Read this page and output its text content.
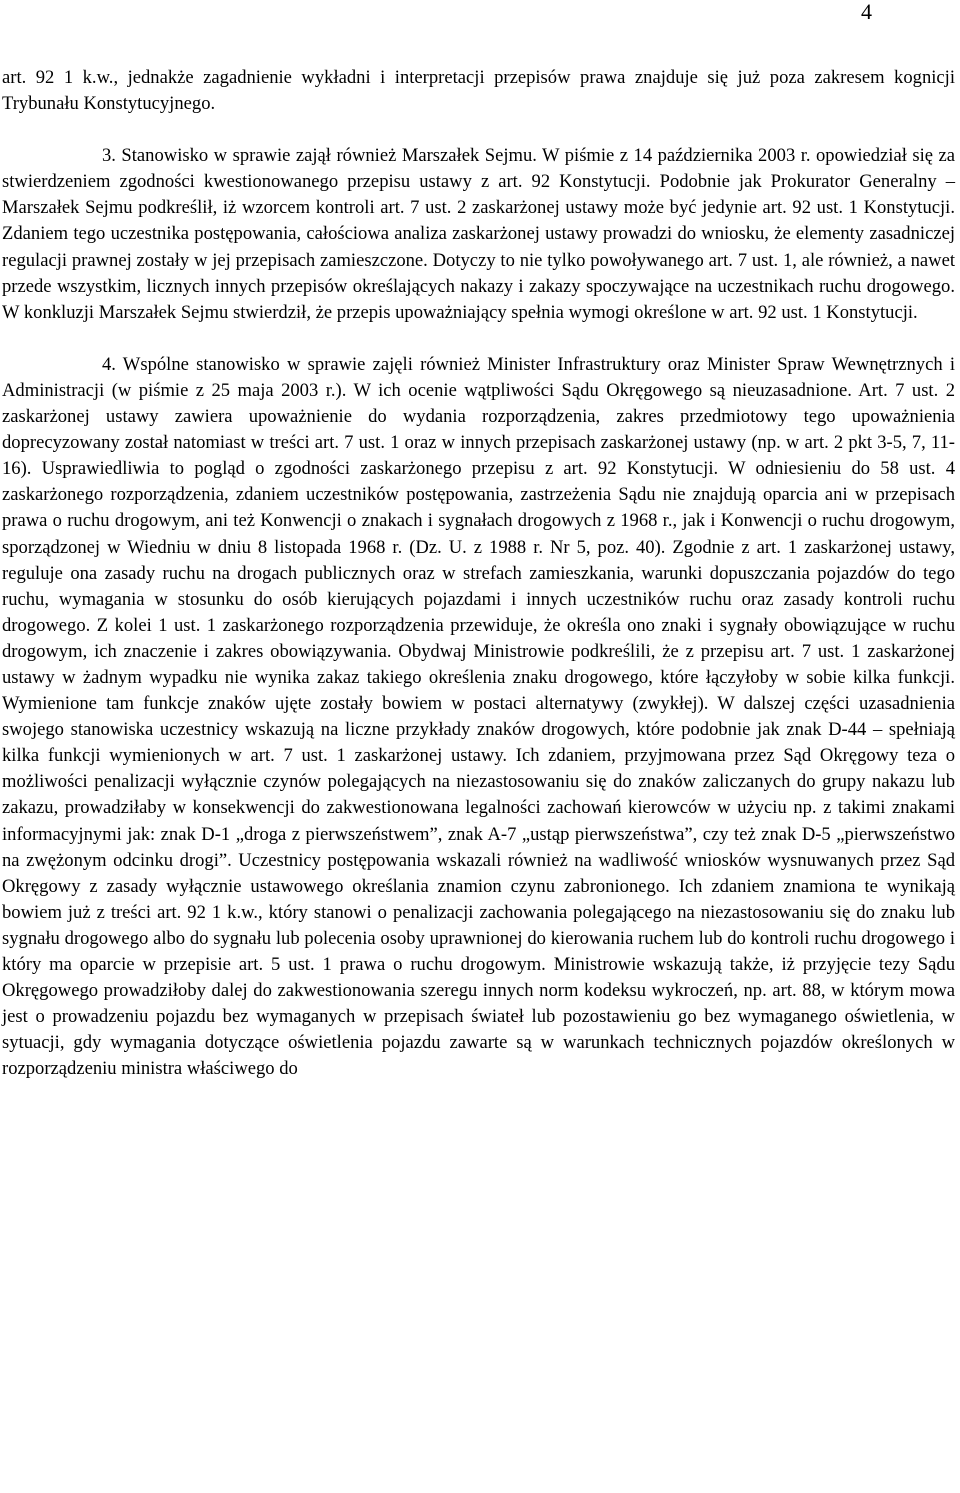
4

art. 92 1 k.w., jednakże zagadnienie wykładni i interpretacji przepisów prawa znajduje się już poza zakresem kognicji Trybunału Konstytucyjnego.

3. Stanowisko w sprawie zajął również Marszałek Sejmu. W piśmie z 14 października 2003 r. opowiedział się za stwierdzeniem zgodności kwestionowanego przepisu ustawy z art. 92 Konstytucji. Podobnie jak Prokurator Generalny – Marszałek Sejmu podkreślił, iż wzorcem kontroli art. 7 ust. 2 zaskarżonej ustawy może być jedynie art. 92 ust. 1 Konstytucji. Zdaniem tego uczestnika postępowania, całościowa analiza zaskarżonej ustawy prowadzi do wniosku, że elementy zasadniczej regulacji prawnej zostały w jej przepisach zamieszczone. Dotyczy to nie tylko powoływanego art. 7 ust. 1, ale również, a nawet przede wszystkim, licznych innych przepisów określających nakazy i zakazy spoczywające na uczestnikach ruchu drogowego. W konkluzji Marszałek Sejmu stwierdził, że przepis upoważniający spełnia wymogi określone w art. 92 ust. 1 Konstytucji.

4. Wspólne stanowisko w sprawie zajęli również Minister Infrastruktury oraz Minister Spraw Wewnętrznych i Administracji (w piśmie z 25 maja 2003 r.). W ich ocenie wątpliwości Sądu Okręgowego są nieuzasadnione. Art. 7 ust. 2 zaskarżonej ustawy zawiera upoważnienie do wydania rozporządzenia, zakres przedmiotowy tego upoważnienia doprecyzowany został natomiast w treści art. 7 ust. 1 oraz w innych przepisach zaskarżonej ustawy (np. w art. 2 pkt 3-5, 7, 11-16). Usprawiedliwia to pogląd o zgodności zaskarżonego przepisu z art. 92 Konstytucji. W odniesieniu do 58 ust. 4 zaskarżonego rozporządzenia, zdaniem uczestników postępowania, zastrzeżenia Sądu nie znajdują oparcia ani w przepisach prawa o ruchu drogowym, ani też Konwencji o znakach i sygnałach drogowych z 1968 r., jak i Konwencji o ruchu drogowym, sporządzonej w Wiedniu w dniu 8 listopada 1968 r. (Dz. U. z 1988 r. Nr 5, poz. 40). Zgodnie z art. 1 zaskarżonej ustawy, reguluje ona zasady ruchu na drogach publicznych oraz w strefach zamieszkania, warunki dopuszczania pojazdów do tego ruchu, wymagania w stosunku do osób kierujących pojazdami i innych uczestników ruchu oraz zasady kontroli ruchu drogowego. Z kolei 1 ust. 1 zaskarżonego rozporządzenia przewiduje, że określa ono znaki i sygnały obowiązujące w ruchu drogowym, ich znaczenie i zakres obowiązywania. Obydwaj Ministrowie podkreślili, że z przepisu art. 7 ust. 1 zaskarżonej ustawy w żadnym wypadku nie wynika zakaz takiego określenia znaku drogowego, które łączyłoby w sobie kilka funkcji. Wymienione tam funkcje znaków ujęte zostały bowiem w postaci alternatywy (zwykłej). W dalszej części uzasadnienia swojego stanowiska uczestnicy wskazują na liczne przykłady znaków drogowych, które podobnie jak znak D-44 – spełniają kilka funkcji wymienionych w art. 7 ust. 1 zaskarżonej ustawy. Ich zdaniem, przyjmowana przez Sąd Okręgowy teza o możliwości penalizacji wyłącznie czynów polegających na niezastosowaniu się do znaków zaliczanych do grupy nakazu lub zakazu, prowadziłaby w konsekwencji do zakwestionowana legalności zachowań kierowców w użyciu np. z takimi znakami informacyjnymi jak: znak D-1 „droga z pierwszeństwem”, znak A-7 „ustąp pierwszeństwa”, czy też znak D-5 „pierwszeństwo na zwężonym odcinku drogi”. Uczestnicy postępowania wskazali również na wadliwość wniosków wysnuwanych przez Sąd Okręgowy z zasady wyłącznie ustawowego określania znamion czynu zabronionego. Ich zdaniem znamiona te wynikają bowiem już z treści art. 92 1 k.w., który stanowi o penalizacji zachowania polegającego na niezastosowaniu się do znaku lub sygnału drogowego albo do sygnału lub polecenia osoby uprawnionej do kierowania ruchem lub do kontroli ruchu drogowego i który ma oparcie w przepisie art. 5 ust. 1 prawa o ruchu drogowym. Ministrowie wskazują także, iż przyjęcie tezy Sądu Okręgowego prowadziłoby dalej do zakwestionowania szeregu innych norm kodeksu wykroczeń, np. art. 88, w którym mowa jest o prowadzeniu pojazdu bez wymaganych w przepisach świateł lub pozostawieniu go bez wymaganego oświetlenia, w sytuacji, gdy wymagania dotyczące oświetlenia pojazdu zawarte są w warunkach technicznych pojazdów określonych w rozporządzeniu ministra właściwego do
